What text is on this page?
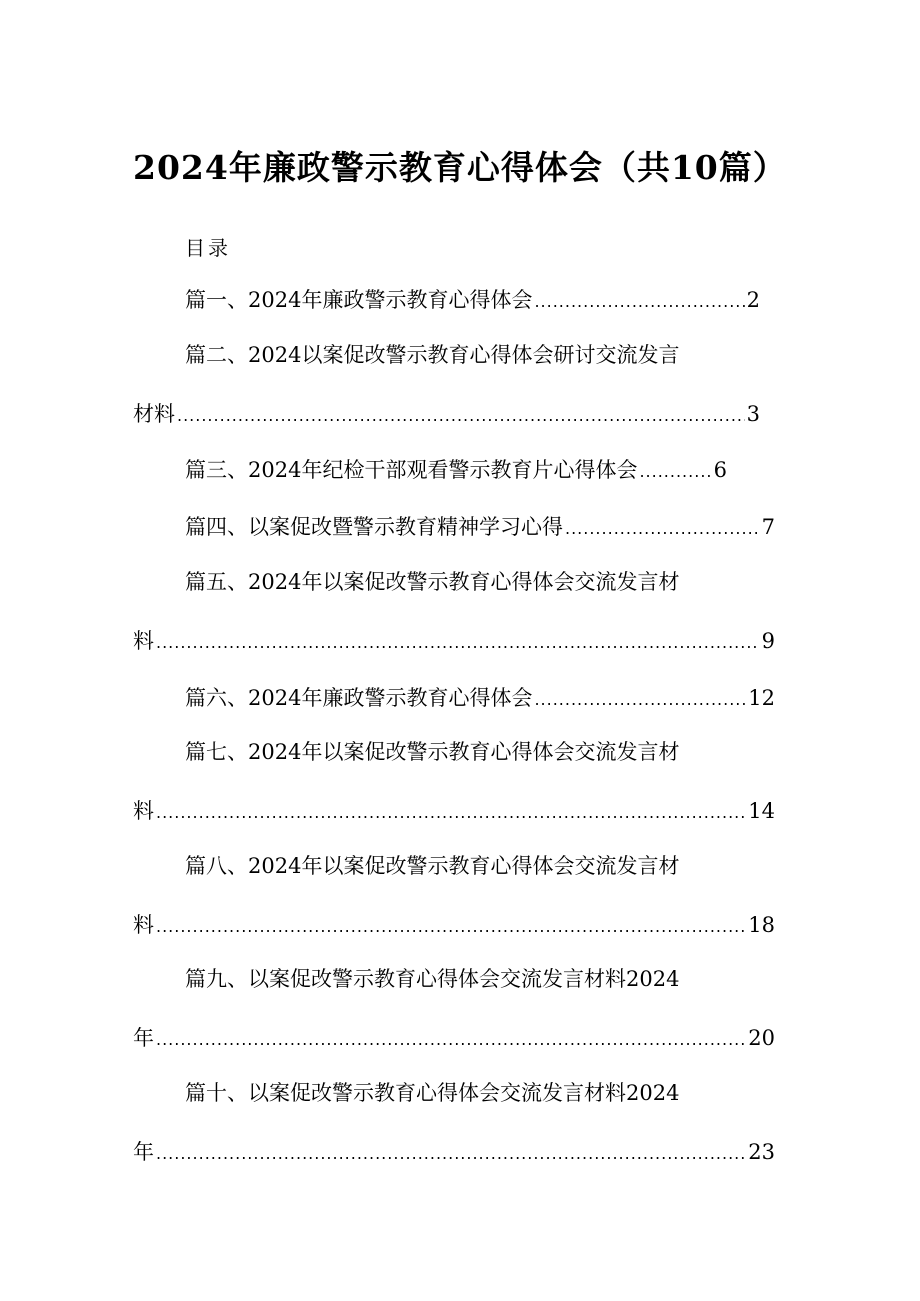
2024年廉政警示教育心得体会（共10篇）
目录
篇一、2024年廉政警示教育心得体会 .....	2
篇二、2024以案促改警示教育心得体会研讨交流发言
材料 .....	3
篇三、2024年纪检干部观看警示教育片心得体会 .....	6
篇四、以案促改暨警示教育精神学习心得 .....	7
篇五、2024年以案促改警示教育心得体会交流发言材
料 .....	9
篇六、2024年廉政警示教育心得体会 .....	12
篇七、2024年以案促改警示教育心得体会交流发言材
料 .....	14
篇八、2024年以案促改警示教育心得体会交流发言材
料 .....	18
篇九、以案促改警示教育心得体会交流发言材料2024
年 .....	20
篇十、以案促改警示教育心得体会交流发言材料2024
年 .....	23
